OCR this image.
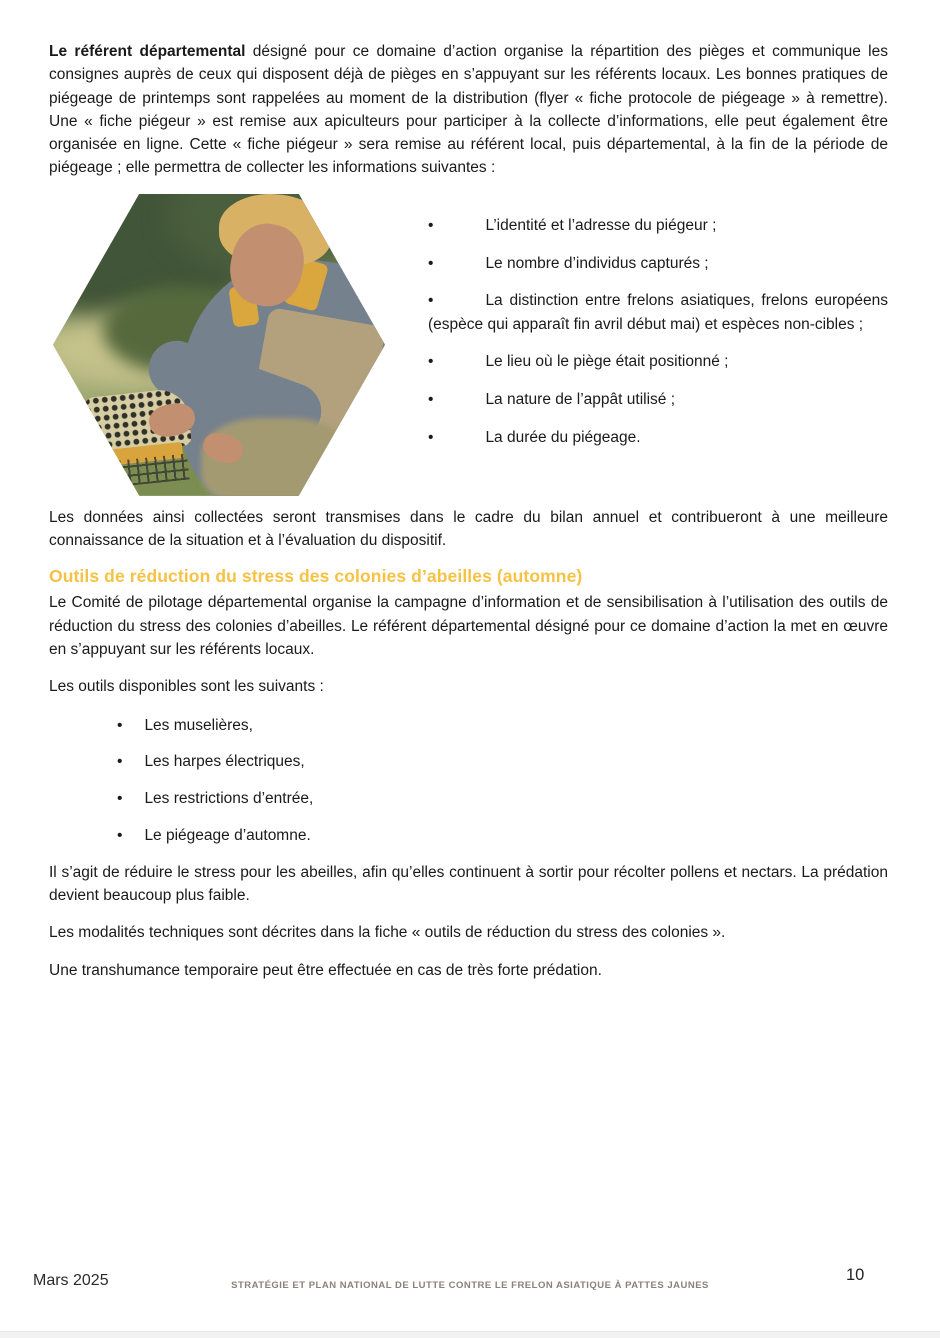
Le référent départemental désigné pour ce domaine d’action organise la répartition des pièges et communique les consignes auprès de ceux qui disposent déjà de pièges en s’appuyant sur les référents locaux. Les bonnes pratiques de piégeage de printemps sont rappelées au moment de la distribution (flyer « fiche protocole de piégeage » à remettre). Une « fiche piégeur » est remise aux apiculteurs pour participer à la collecte d’informations, elle peut également être organisée en ligne. Cette « fiche piégeur » sera remise au référent local, puis départemental, à la fin de la période de piégeage ; elle permettra de collecter les informations suivantes :

•	L’identité et l’adresse du piégeur ;
•	Le nombre d’individus capturés ;
•	La distinction entre frelons asiatiques, frelons européens (espèce qui apparaît fin avril début mai) et espèces non-cibles ;
•	Le lieu où le piège était positionné ;
•	La nature de l’appât utilisé ;
•	La durée du piégeage.

Les données ainsi collectées seront transmises dans le cadre du bilan annuel et contribueront à une meilleure connaissance de la situation et à l’évaluation du dispositif.

Outils de réduction du stress des colonies d’abeilles (automne)

Le Comité de pilotage départemental organise la campagne d’information et de sensibilisation à l’utilisation des outils de réduction du stress des colonies d’abeilles. Le référent départemental désigné pour ce domaine d’action la met en œuvre en s’appuyant sur les référents locaux.

Les outils disponibles sont les suivants :

• Les muselières,
• Les harpes électriques,
• Les restrictions d’entrée,
• Le piégeage d’automne.

Il s’agit de réduire le stress pour les abeilles, afin qu’elles continuent à sortir pour récolter pollens et nectars. La prédation devient beaucoup plus faible.

Les modalités techniques sont décrites dans la fiche « outils de réduction du stress des colonies ».

Une transhumance temporaire peut être effectuée en cas de très forte prédation.

Mars 2025	STRATÉGIE ET PLAN NATIONAL DE LUTTE CONTRE LE FRELON ASIATIQUE À PATTES JAUNES
10
